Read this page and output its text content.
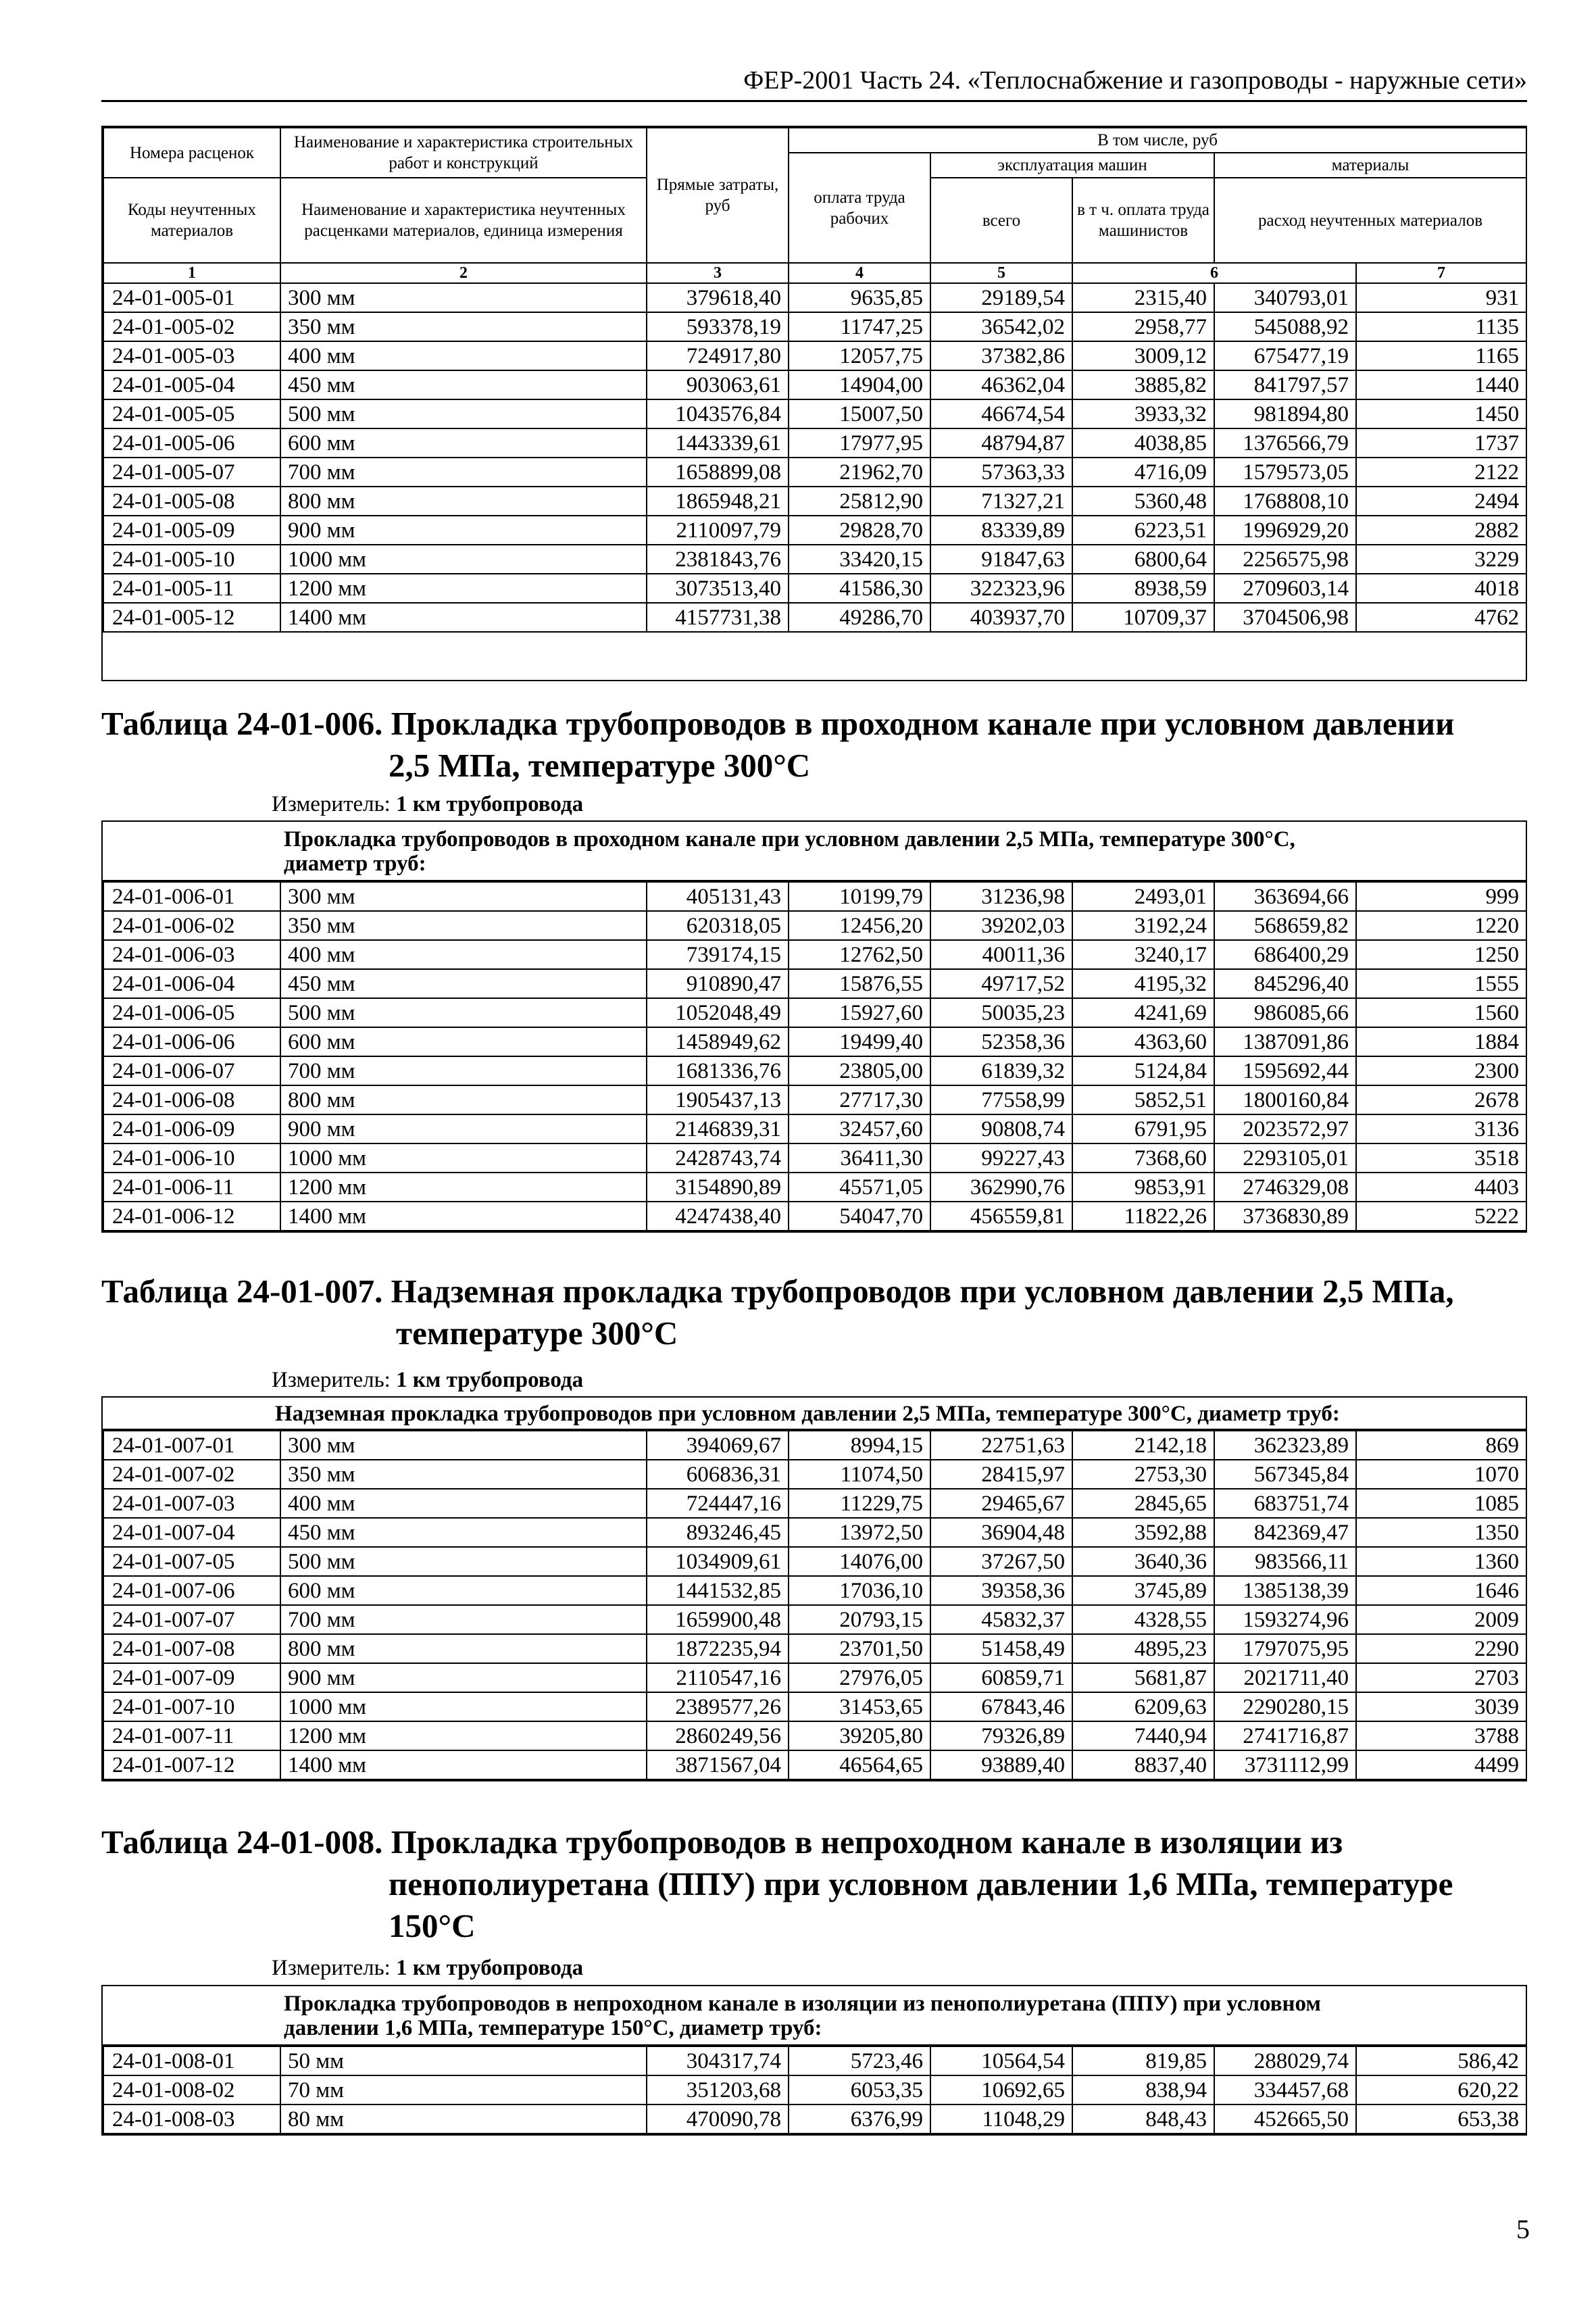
ФЕР-2001 Часть 24. «Теплоснабжение и газопроводы - наружные сети»
Номера расценок	Наименование и характеристика строительных работ и конструкций	Прямые затраты, руб	В том числе, руб	
			оплата труда рабочих	эксплуатация машин		материалы		
Коды неучтенных материалов	Наименование и характеристика неучтенных расценками материалов, единица измерения			всего	в т ч. оплата труда машинистов	расход неучтенных материалов		

1	2	3	4	5	6		7	
24-01-005-01	300 мм	379618,40	9635,85	29189,54	2315,40	340793,01	931	
24-01-005-02	350 мм	593378,19	11747,25	36542,02	2958,77	545088,92	1135	
24-01-005-03	400 мм	724917,80	12057,75	37382,86	3009,12	675477,19	1165	
24-01-005-04	450 мм	903063,61	14904,00	46362,04	3885,82	841797,57	1440	
24-01-005-05	500 мм	1043576,84	15007,50	46674,54	3933,32	981894,80	1450	
24-01-005-06	600 мм	1443339,61	17977,95	48794,87	4038,85	1376566,79	1737	
24-01-005-07	700 мм	1658899,08	21962,70	57363,33	4716,09	1579573,05	2122	
24-01-005-08	800 мм	1865948,21	25812,90	71327,21	5360,48	1768808,10	2494	
24-01-005-09	900 мм	2110097,79	29828,70	83339,89	6223,51	1996929,20	2882	
24-01-005-10	1000 мм	2381843,76	33420,15	91847,63	6800,64	2256575,98	3229	
24-01-005-11	1200 мм	3073513,40	41586,30	322323,96	8938,59	2709603,14	4018	
24-01-005-12	1400 мм	4157731,38	49286,70	403937,70	10709,37	3704506,98	4762	
Таблица 24-01-006. Прокладка трубопроводов в проходном канале при условном давлении
2,5 МПа, температуре 300°С
Измеритель: 1 км трубопровода
Прокладка трубопроводов в проходном канале при условном давлении 2,5 МПа, температуре 300°С,
диаметр труб:
24-01-006-01	300 мм	405131,43	10199,79	31236,98	2493,01	363694,66	999
24-01-006-02	350 мм	620318,05	12456,20	39202,03	3192,24	568659,82	1220
24-01-006-03	400 мм	739174,15	12762,50	40011,36	3240,17	686400,29	1250
24-01-006-04	450 мм	910890,47	15876,55	49717,52	4195,32	845296,40	1555
24-01-006-05	500 мм	1052048,49	15927,60	50035,23	4241,69	986085,66	1560
24-01-006-06	600 мм	1458949,62	19499,40	52358,36	4363,60	1387091,86	1884
24-01-006-07	700 мм	1681336,76	23805,00	61839,32	5124,84	1595692,44	2300
24-01-006-08	800 мм	1905437,13	27717,30	77558,99	5852,51	1800160,84	2678
24-01-006-09	900 мм	2146839,31	32457,60	90808,74	6791,95	2023572,97	3136
24-01-006-10	1000 мм	2428743,74	36411,30	99227,43	7368,60	2293105,01	3518
24-01-006-11	1200 мм	3154890,89	45571,05	362990,76	9853,91	2746329,08	4403
24-01-006-12	1400 мм	4247438,40	54047,70	456559,81	11822,26	3736830,89	5222
Таблица 24-01-007. Надземная прокладка трубопроводов при условном давлении 2,5 МПа,
температуре 300°С
Измеритель: 1 км трубопровода
Надземная прокладка трубопроводов при условном давлении 2,5 МПа, температуре 300°С, диаметр труб:
24-01-007-01	300 мм	394069,67	8994,15	22751,63	2142,18	362323,89	869
24-01-007-02	350 мм	606836,31	11074,50	28415,97	2753,30	567345,84	1070
24-01-007-03	400 мм	724447,16	11229,75	29465,67	2845,65	683751,74	1085
24-01-007-04	450 мм	893246,45	13972,50	36904,48	3592,88	842369,47	1350
24-01-007-05	500 мм	1034909,61	14076,00	37267,50	3640,36	983566,11	1360
24-01-007-06	600 мм	1441532,85	17036,10	39358,36	3745,89	1385138,39	1646
24-01-007-07	700 мм	1659900,48	20793,15	45832,37	4328,55	1593274,96	2009
24-01-007-08	800 мм	1872235,94	23701,50	51458,49	4895,23	1797075,95	2290
24-01-007-09	900 мм	2110547,16	27976,05	60859,71	5681,87	2021711,40	2703
24-01-007-10	1000 мм	2389577,26	31453,65	67843,46	6209,63	2290280,15	3039
24-01-007-11	1200 мм	2860249,56	39205,80	79326,89	7440,94	2741716,87	3788
24-01-007-12	1400 мм	3871567,04	46564,65	93889,40	8837,40	3731112,99	4499
Таблица 24-01-008. Прокладка трубопроводов в непроходном канале в изоляции из
пенополиуретана (ППУ) при условном давлении 1,6 МПа, температуре
150°С
Измеритель: 1 км трубопровода
Прокладка трубопроводов в непроходном канале в изоляции из пенополиуретана (ППУ) при условном
давлении 1,6 МПа, температуре 150°С, диаметр труб:
24-01-008-01	50 мм	304317,74	5723,46	10564,54	819,85	288029,74	586,42
24-01-008-02	70 мм	351203,68	6053,35	10692,65	838,94	334457,68	620,22
24-01-008-03	80 мм	470090,78	6376,99	11048,29	848,43	452665,50	653,38
5
